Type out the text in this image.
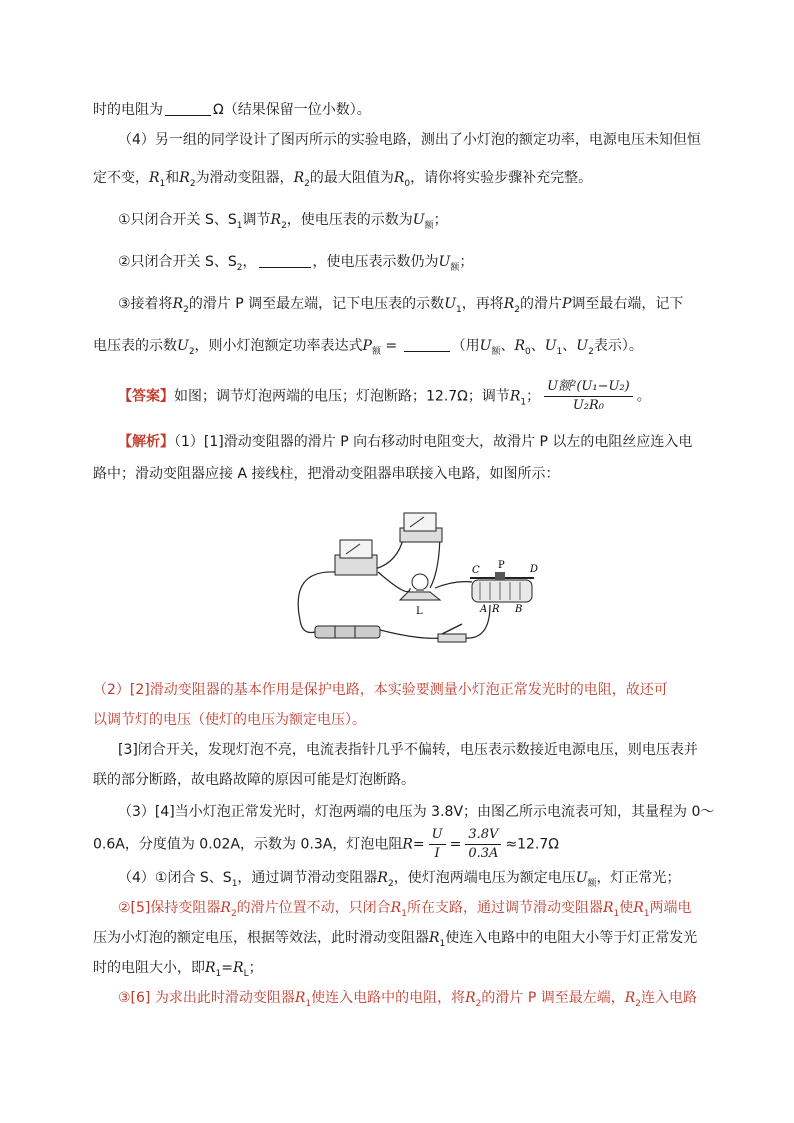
时的电阻为	Ω（结果保留一位小数）。
（4）另一组的同学设计了图丙所示的实验电路，测出了小灯泡的额定功率，电源电压未知但恒
定不变，$R_1$和$R_2$为滑动变阻器，$R_2$的最大阻值为$R_0$，请你将实验步骤补充完整。
①只闭合开关 S、$S_1$调节$R_2$，使电压表的示数为$U_额$；
②只闭合开关 S、$S_2$，	，使电压表示数仍为$U_额$；
③接着将$R_2$的滑片 P 调至最左端，记下电压表的示数$U_1$，再将$R_2$的滑片P调至最右端，记下
电压表的示数$U_2$，则小灯泡额定功率表达式$P_额$ =	（用$U_额$、$R_0$、$U_1$、$U_2$表示）。
【答案】如图；调节灯泡两端的电压；灯泡断路；12.7Ω；调节$R_1$； $\frac{\text{U额²(U₁−U₂)}}{\text{U₂R₀}}$ 。
【解析】（1）[1]滑动变阻器的滑片 P 向右移动时电阻变大，故滑片 P 以左的电阻丝应连入电
路中；滑动变阻器应接 A 接线柱，把滑动变阻器串联接入电路，如图所示：
L
C P	D
A R B
（2）[2]滑动变阻器的基本作用是保护电路，本实验要测量小灯泡正常发光时的电阻，故还可
以调节灯的电压（使灯的电压为额定电压）。
[3]闭合开关，发现灯泡不亮，电流表指针几乎不偏转，电压表示数接近电源电压，则电压表并
联的部分断路，故电路故障的原因可能是灯泡断路。
（3）[4]当小灯泡正常发光时，灯泡两端的电压为 3.8V；由图乙所示电流表可知，其量程为 0～
0.6A，分度值为 0.02A，示数为 0.3A，灯泡电阻$R= \frac{U}{I} = \frac{3.8V}{0.3A} \approx 12.7\Omega$
（4）①闭合 S、$S_1$，通过调节滑动变阻器$R_2$，使灯泡两端电压为额定电压$U_额$，灯正常光；
②[5]保持变阻器$R_2$的滑片位置不动，只闭合$R_1$所在支路，通过调节滑动变阻器$R_1$使$R_1$两端电
压为小灯泡的额定电压，根据等效法，此时滑动变阻器$R_1$使连入电路中的电阻大小等于灯正常发光
时的电阻大小，即$R_1=R_L$；
③[6] 为求出此时滑动变阻器$R_1$使连入电路中的电阻，将$R_2$的滑片 P 调至最左端，$R_2$连入电路
